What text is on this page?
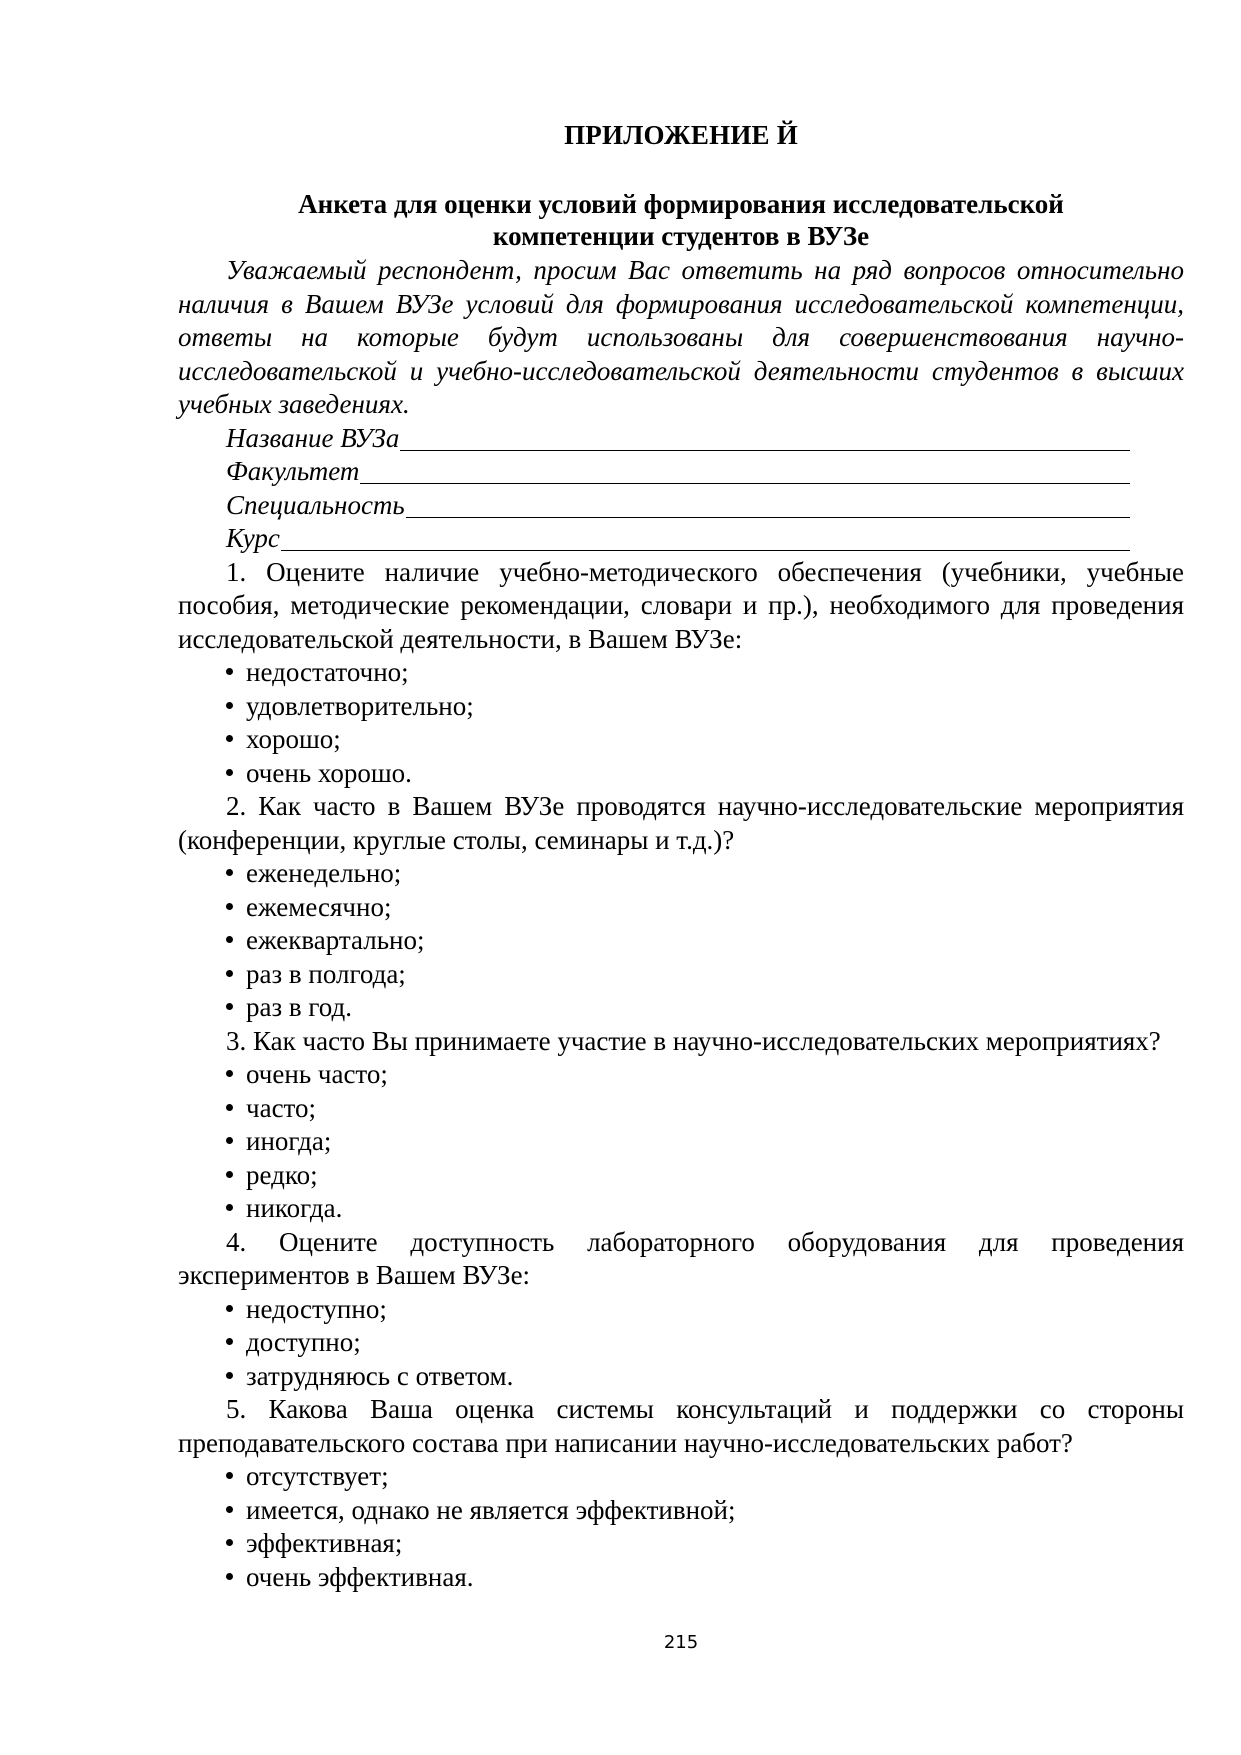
ПРИЛОЖЕНИЕ Й
Анкета для оценки условий формирования исследовательской
компетенции студентов в ВУЗе

Уважаемый респондент, просим Вас ответить на ряд вопросов относительно наличия в Вашем ВУЗе условий для формирования исследовательской компетенции, ответы на которые будут использованы для совершенствования научно-исследовательской и учебно-исследовательской деятельности студентов в высших учебных заведениях.

Название ВУЗа
Факультет
Специальность
Курс

1. Оцените наличие учебно-методического обеспечения (учебники, учебные пособия, методические рекомендации, словари и пр.), необходимого для проведения исследовательской деятельности, в Вашем ВУЗе:

недостаточно;
удовлетворительно;
хорошо;
очень хорошо.

2. Как часто в Вашем ВУЗе проводятся научно-исследовательские мероприятия (конференции, круглые столы, семинары и т.д.)?

еженедельно;
ежемесячно;
ежеквартально;
раз в полгода;
раз в год.

3. Как часто Вы принимаете участие в научно-исследовательских мероприятиях?

очень часто;
часто;
иногда;
редко;
никогда.

4. Оцените доступность лабораторного оборудования для проведения экспериментов в Вашем ВУЗе:

недоступно;
доступно;
затрудняюсь с ответом.

5. Какова Ваша оценка системы консультаций и поддержки со стороны преподавательского состава при написании научно-исследовательских работ?

отсутствует;
имеется, однако не является эффективной;
эффективная;
очень эффективная.
215
